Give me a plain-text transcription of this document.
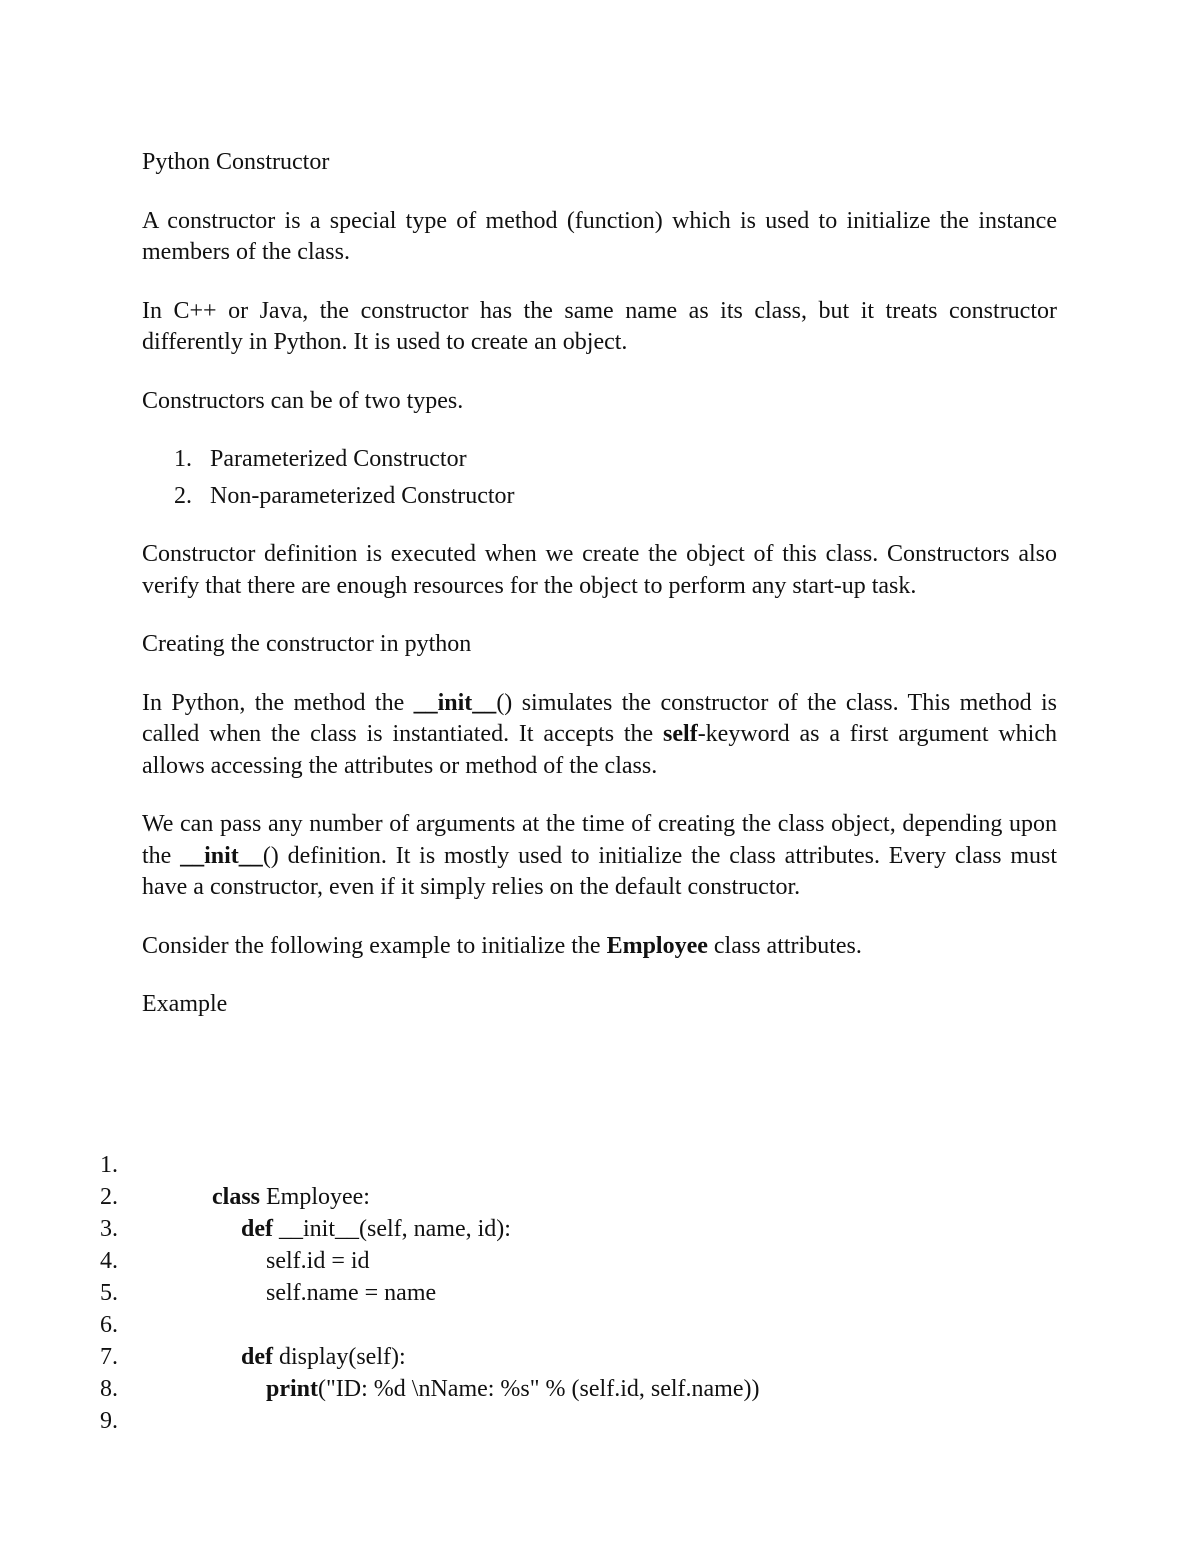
Python Constructor

A constructor is a special type of method (function) which is used to initialize the instance members of the class.

In C++ or Java, the constructor has the same name as its class, but it treats constructor differently in Python. It is used to create an object.

Constructors can be of two types.

1. Parameterized Constructor
2. Non-parameterized Constructor

Constructor definition is executed when we create the object of this class. Constructors also verify that there are enough resources for the object to perform any start-up task.

Creating the constructor in python

In Python, the method the __init__() simulates the constructor of the class. This method is called when the class is instantiated. It accepts the self-keyword as a first argument which allows accessing the attributes or method of the class.

We can pass any number of arguments at the time of creating the class object, depending upon the __init__() definition. It is mostly used to initialize the class attributes. Every class must have a constructor, even if it simply relies on the default constructor.

Consider the following example to initialize the Employee class attributes.

Example

1.

class Employee:

2.

def __init__(self, name, id):

3.

self.id = id

4.

self.name = name

5.

6.

def display(self):

7.

print("ID: %d \nName: %s" % (self.id, self.name))

8.

9.
